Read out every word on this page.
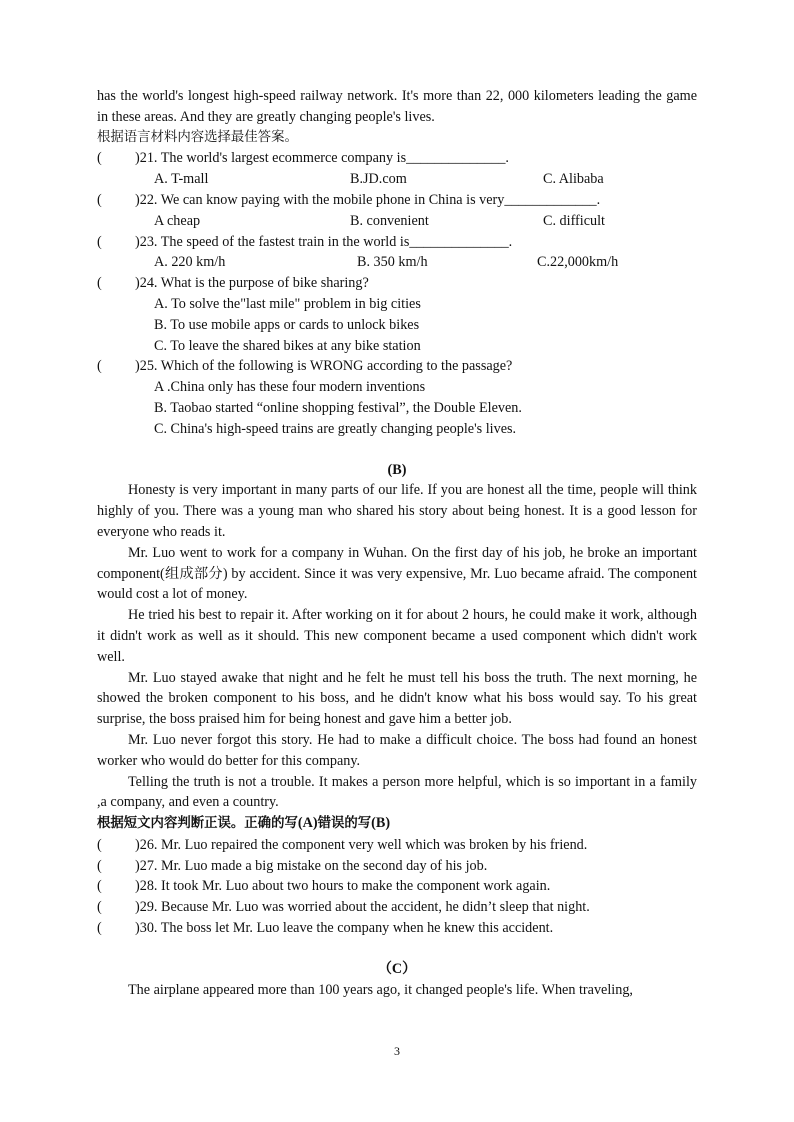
has the world's longest high-speed railway network. It's more than 22, 000 kilometers leading the game in these areas. And they are greatly changing people's lives.

根据语言材料内容选择最佳答案。

( )21. The world's largest ecommerce company is______________.
A. T-mall	B.JD.com	C. Alibaba
( )22. We can know paying with the mobile phone in China is very_____________.
A cheap	B. convenient	C. difficult
( )23. The speed of the fastest train in the world is______________.
A. 220 km/h	B. 350 km/h	C.22,000km/h
( )24. What is the purpose of bike sharing?
A. To solve the"last mile" problem in big cities
B. To use mobile apps or cards to unlock bikes
C. To leave the shared bikes at any bike station
( )25. Which of the following is WRONG according to the passage?
A .China only has these four modern inventions
B. Taobao started “online shopping festival”, the Double Eleven.
C. China's high-speed trains are greatly changing people's lives.

(B)

Honesty is very important in many parts of our life. If you are honest all the time, people will think highly of you. There was a young man who shared his story about being honest. It is a good lesson for everyone who reads it.

Mr. Luo went to work for a company in Wuhan. On the first day of his job, he broke an important component(组成部分) by accident. Since it was very expensive, Mr. Luo became afraid. The component would cost a lot of money.

He tried his best to repair it. After working on it for about 2 hours, he could make it work, although it didn't work as well as it should. This new component became a used component which didn't work well.

Mr. Luo stayed awake that night and he felt he must tell his boss the truth. The next morning, he showed the broken component to his boss, and he didn't know what his boss would say. To his great surprise, the boss praised him for being honest and gave him a better job.

Mr. Luo never forgot this story. He had to make a difficult choice. The boss had found an honest worker who would do better for this company.

Telling the truth is not a trouble. It makes a person more helpful, which is so important in a family ,a company, and even a country.

根据短文内容判断正误。正确的写(A)错误的写(B)

( )26. Mr. Luo repaired the component very well which was broken by his friend.
( )27. Mr. Luo made a big mistake on the second day of his job.
( )28. It took Mr. Luo about two hours to make the component work again.
( )29. Because Mr. Luo was worried about the accident, he didn’t sleep that night.
( )30. The boss let Mr. Luo leave the company when he knew this accident.

（C）

The airplane appeared more than 100 years ago, it changed people's life. When traveling,

3
